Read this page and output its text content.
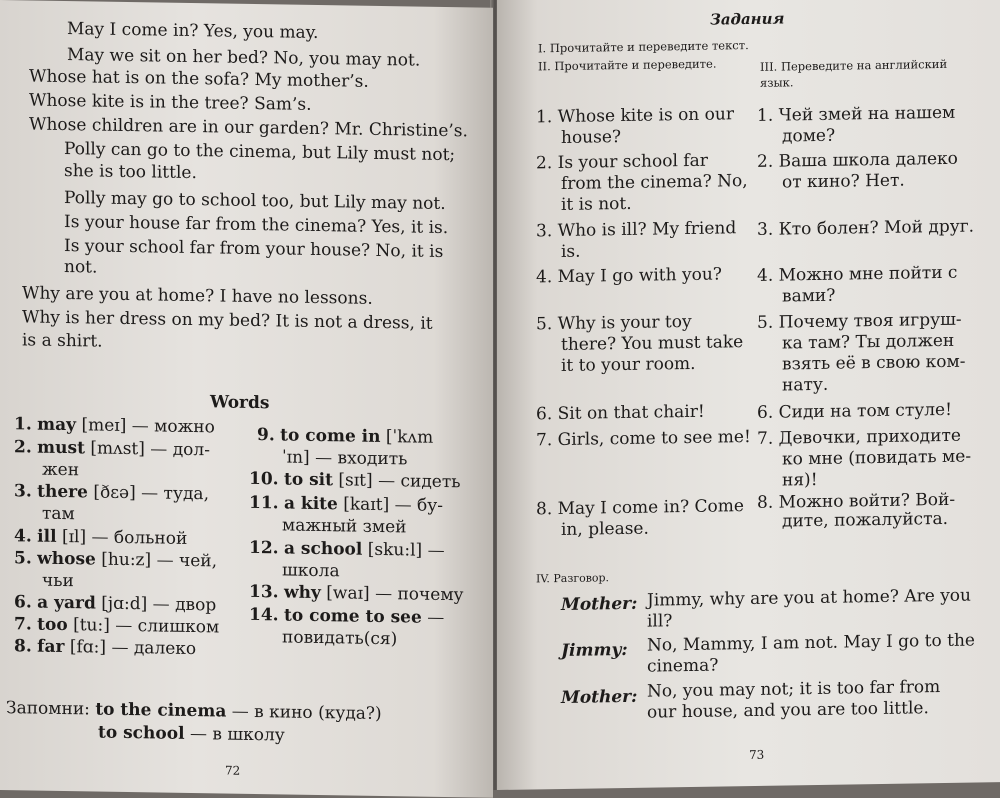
May I come in? Yes, you may.
May we sit on her bed? No, you may not.
Whose hat is on the sofa? My mother’s.
Whose kite is in the tree? Sam’s.
Whose children are in our garden? Mr. Christine’s.
Polly can go to the cinema, but Lily must not;
she is too little.
Polly may go to school too, but Lily may not.
Is your house far from the cinema? Yes, it is.
Is your school far from your house? No, it is
not.
Why are you at home? I have no lessons.
Why is her dress on my bed? It is not a dress, it
is a shirt.
Words
1. may [meɪ] — можно
2. must [mʌst] — дол-
жен
3. there [ðɛə] — туда,
там
4. ill [ɪl] — больной
5. whose [hu:z] — чей,
чьи
6. a yard [jɑ:d] — двор
7. too [tu:] — слишком
8. far [fɑ:] — далеко
9. to come in [ˈkʌm
ˈɪn] — входить
10. to sit [sɪt] — сидеть
11. a kite [kaɪt] — бу-
мажный змей
12. a school [sku:l] —
школа
13. why [waɪ] — почему
14. to come to see —
повидать(ся)
Запомни: to the cinema — в кино (куда?)
to school — в школу
72
Задания
I. Прочитайте и переведите текст.
II. Прочитайте и переведите.	III. Переведите на английский
язык.
1. Whose kite is on our
house?
1. Чей змей на нашем
доме?
2. Is your school far
from the cinema? No,
it is not.
2. Ваша школа далеко
от кино? Нет.
3. Who is ill? My friend
is.
3. Кто болен? Мой друг.
4. May I go with you? 4. Можно мне пойти с
вами?
5. Why is your toy
there? You must take
it to your room.
5. Почему твоя игруш-
ка там? Ты должен
взять её в свою ком-
нату.
6. Sit on that chair!	6. Сиди на том стуле!
7. Girls, come to see me! 7. Девочки, приходите
ко мне (повидать ме-
ня)!
8. May I come in? Come
in, please.
8. Можно войти? Вой-
дите, пожалуйста.
IV. Разговор.
Mother: Jimmy, why are you at home? Are you
ill?
Jimmy: No, Mammy, I am not. May I go to the
cinema?
Mother: No, you may not; it is too far from
our house, and you are too little.
73
